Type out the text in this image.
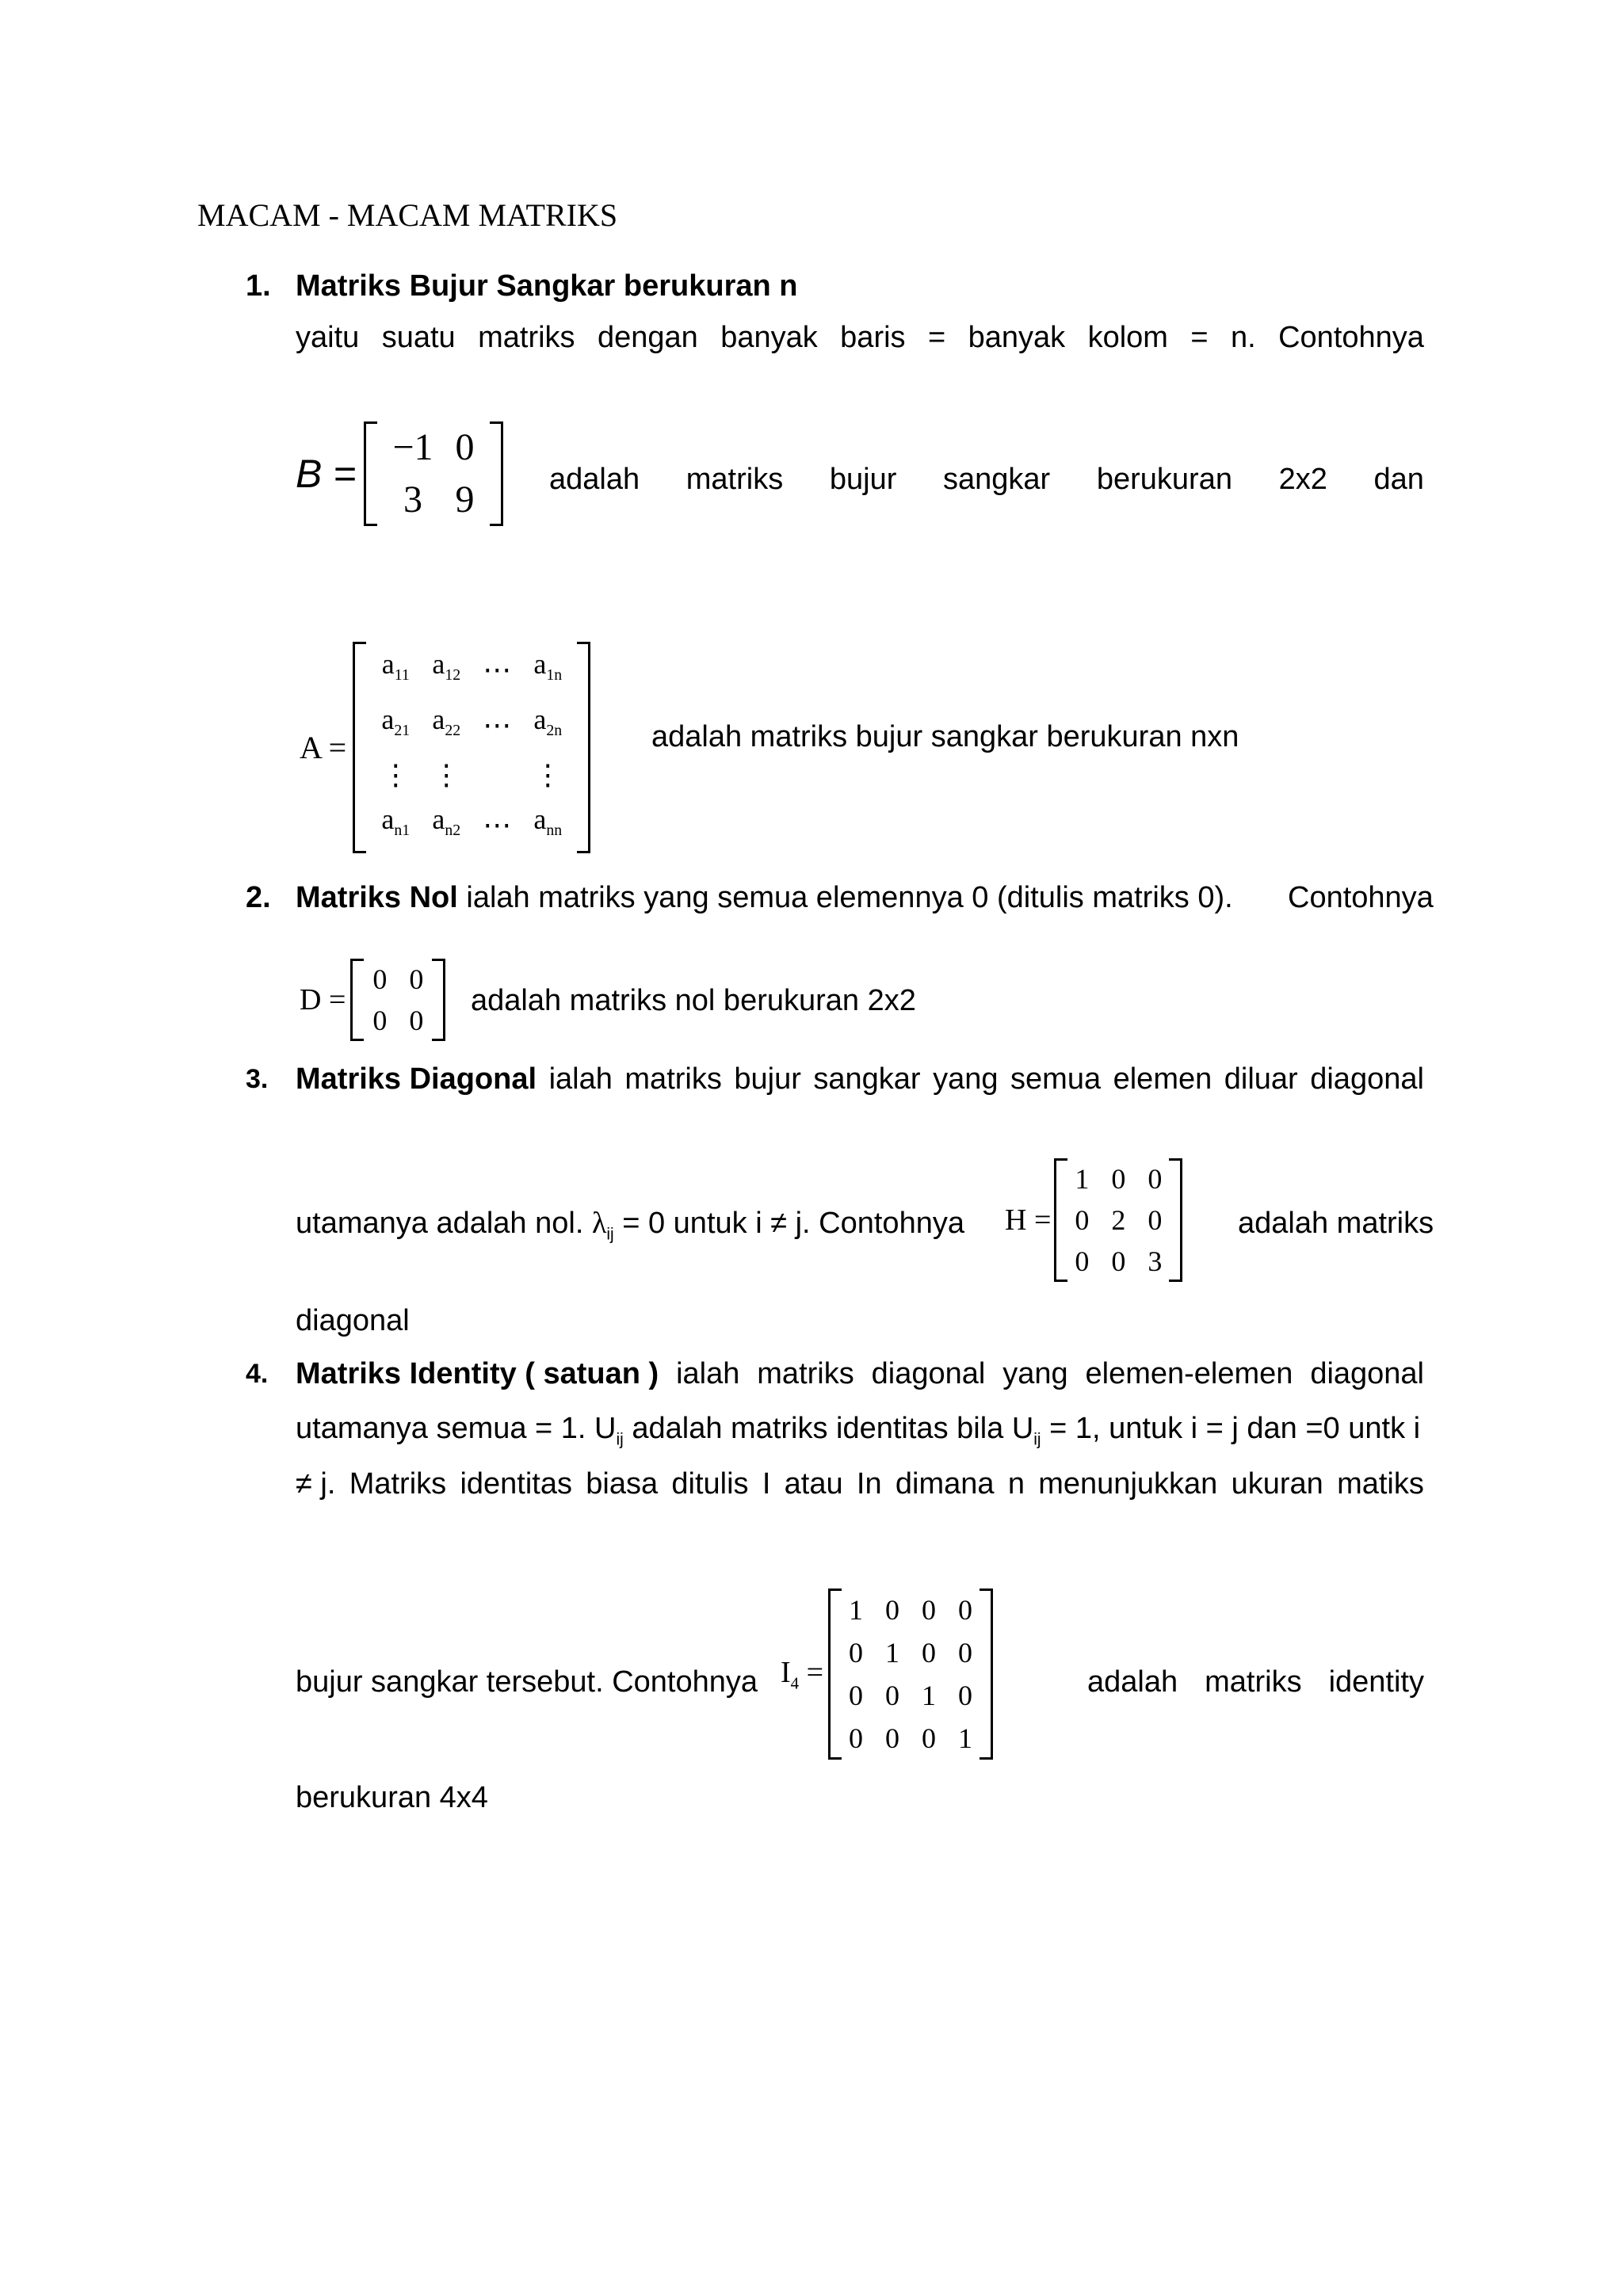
MACAM - MACAM MATRIKS
1. Matriks Bujur Sangkar berukuran n
yaitu suatu matriks dengan banyak baris = banyak kolom = n. Contohnya
B =
−1	0
3	9 adalah matriks bujur sangkar berukuran 2x2 dan
A =
$a_{11}$	$a_{12}$	⋯	$a_{1n}$
$a_{21}$	$a_{22}$	⋯	$a_{2n}$
⋮	⋮		⋮
$a_{n1}$	$a_{n2}$	⋯	$a_{nn}$
adalah matriks bujur sangkar berukuran nxn
2. Matriks Nol ialah matriks yang semua elemennya 0 (ditulis matriks 0). Contohnya
D =
0	0
0	0
adalah matriks nol berukuran 2x2
3. Matriks Diagonal ialah matriks bujur sangkar yang semua elemen diluar diagonal
utamanya adalah nol. $\lambda_{ij} = 0$ untuk i ≠ j. Contohnya H =
1	0	0
0	2	0
0	0	3
adalah matriks
diagonal
4. Matriks Identity ( satuan ) ialah matriks diagonal yang elemen-elemen diagonal
utamanya semua = 1. $U_{ij}$ adalah matriks identitas bila $U_{ij} = 1$, untuk i = j dan =0 untk i
≠ j. Matriks identitas biasa ditulis I atau In dimana n menunjukkan ukuran matiks
bujur sangkar tersebut. Contohnya $I_4$ =
1	0	0	0
0	1	0	0
0	0	1	0
0	0	0	1
adalah matriks identity
berukuran 4x4
